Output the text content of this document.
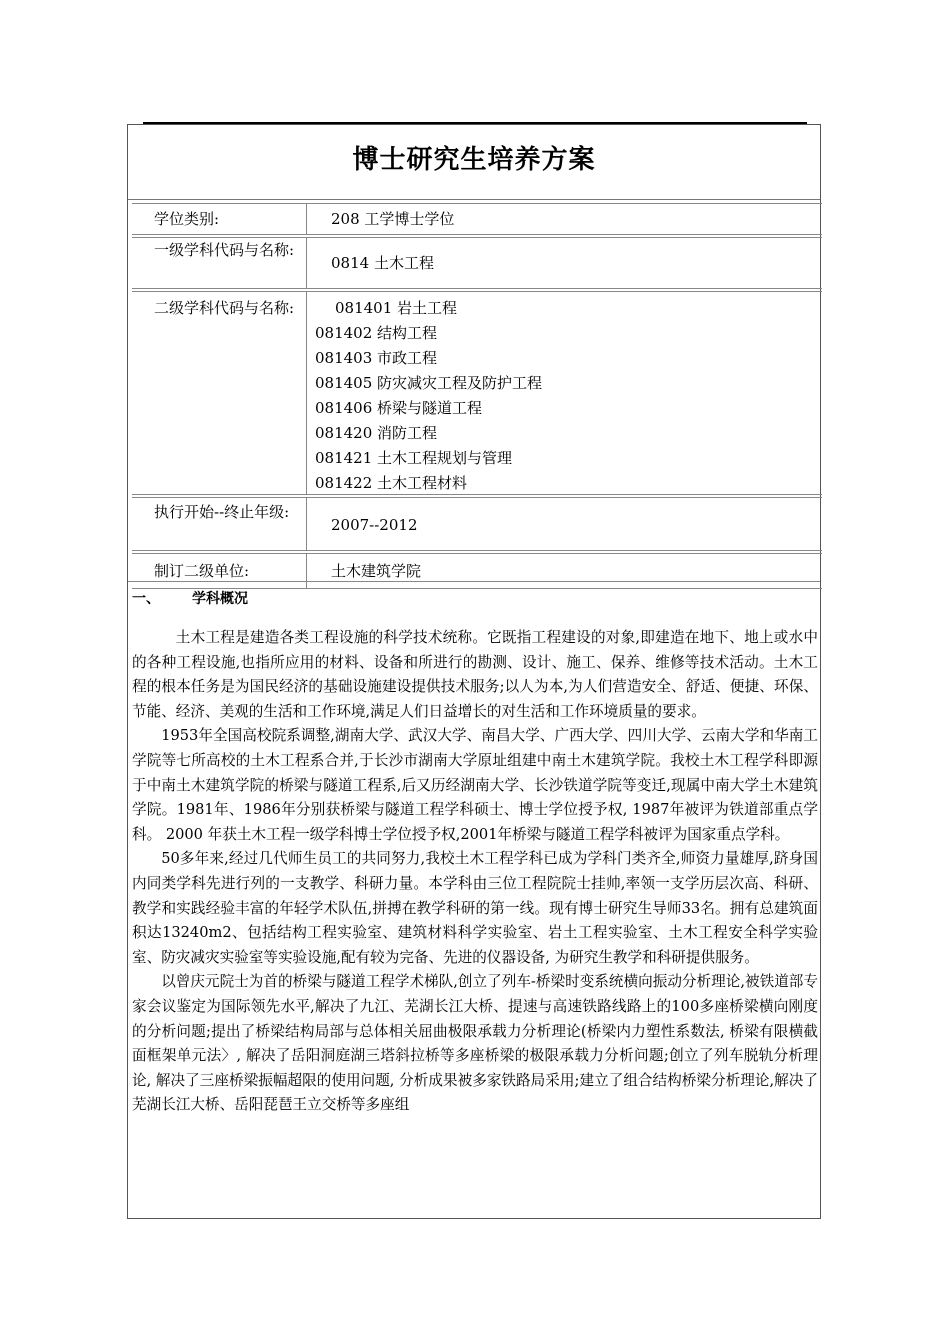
博士研究生培养方案
学位类别:	208 工学博士学位
一级学科代码与名称:
0814 土木工程
二级学科代码与名称:	081401 岩土工程
081402 结构工程
081403 市政工程
081405 防灾减灾工程及防护工程
081406 桥梁与隧道工程
081420 消防工程
081421 土木工程规划与管理
081422 土木工程材料
执行开始--终止年级:
2007--2012
制订二级单位:	土木建筑学院
一、 学科概况

土木工程是建造各类工程设施的科学技术统称。它既指工程建设的对象,即建造在地下、地上或水中的各种工程设施,也指所应用的材料、设备和所进行的勘测、设计、施工、保养、维修等技术活动。土木工程的根本任务是为国民经济的基础设施建设提供技术服务;以人为本,为人们营造安全、舒适、便捷、环保、节能、经济、美观的生活和工作环境,满足人们日益增长的对生活和工作环境质量的要求。

1953年全国高校院系调整,湖南大学、武汉大学、南昌大学、广西大学、四川大学、云南大学和华南工学院等七所高校的土木工程系合并,于长沙市湖南大学原址组建中南土木建筑学院。我校土木工程学科即源于中南土木建筑学院的桥梁与隧道工程系,后又历经湖南大学、长沙铁道学院等变迁,现属中南大学土木建筑学院。1981年、1986年分别获桥梁与隧道工程学科硕士、博士学位授予权, 1987年被评为铁道部重点学科。 2000 年获土木工程一级学科博士学位授予权,2001年桥梁与隧道工程学科被评为国家重点学科。

50多年来,经过几代师生员工的共同努力,我校土木工程学科已成为学科门类齐全,师资力量雄厚,跻身国内同类学科先进行列的一支教学、科研力量。本学科由三位工程院院士挂帅,率领一支学历层次高、科研、教学和实践经验丰富的年轻学术队伍,拼搏在教学科研的第一线。现有博士研究生导师33名。拥有总建筑面积达13240m2、包括结构工程实验室、建筑材料科学实验室、岩土工程实验室、土木工程安全科学实验室、防灾减灾实验室等实验设施,配有较为完备、先进的仪器设备, 为研究生教学和科研提供服务。

以曾庆元院士为首的桥梁与隧道工程学术梯队,创立了列车-桥梁时变系统横向振动分析理论,被铁道部专家会议鉴定为国际领先水平,解决了九江、芜湖长江大桥、提速与高速铁路线路上的100多座桥梁横向刚度的分析问题;提出了桥梁结构局部与总体相关屈曲极限承载力分析理论(桥梁内力塑性系数法, 桥梁有限横截面框架单元法〉, 解决了岳阳洞庭湖三塔斜拉桥等多座桥梁的极限承载力分析问题;创立了列车脱轨分析理论, 解决了三座桥梁振幅超限的使用问题, 分析成果被多家铁路局采用;建立了组合结构桥梁分析理论,解决了芜湖长江大桥、岳阳琵琶王立交桥等多座组
